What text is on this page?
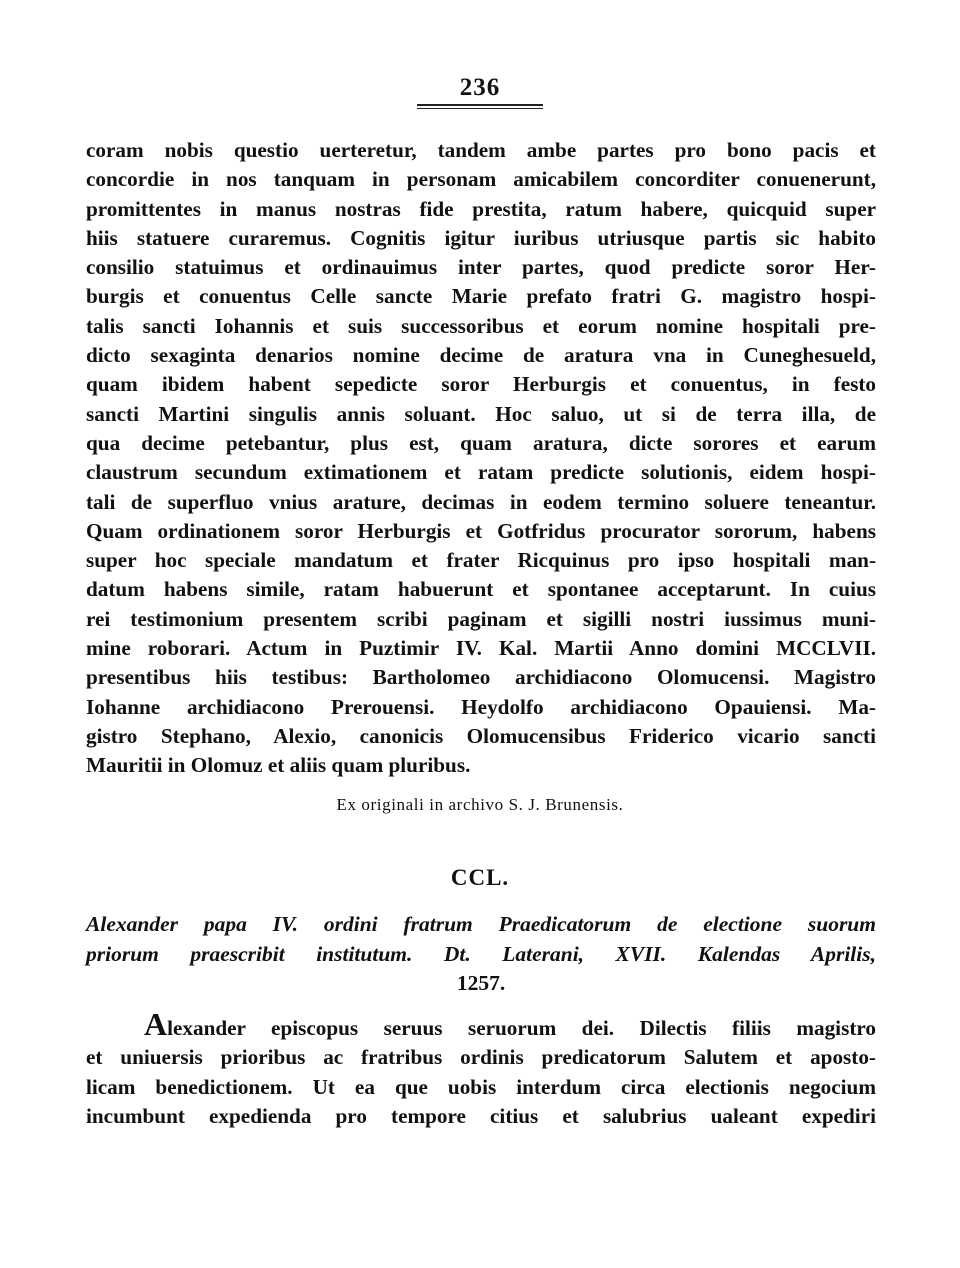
236
coram nobis questio uerteretur, tandem ambe partes pro bono pacis et
concordie in nos tanquam in personam amicabilem concorditer conuenerunt,
promittentes in manus nostras fide prestita, ratum habere, quicquid super
hiis statuere curaremus. Cognitis igitur iuribus utriusque partis sic habito
consilio statuimus et ordinauimus inter partes, quod predicte soror Her-
burgis et conuentus Celle sancte Marie prefato fratri G. magistro hospi-
talis sancti Iohannis et suis successoribus et eorum nomine hospitali pre-
dicto sexaginta denarios nomine decime de aratura vna in Cuneghesueld,
quam ibidem habent sepedicte soror Herburgis et conuentus, in festo
sancti Martini singulis annis soluant. Hoc saluo, ut si de terra illa, de
qua decime petebantur, plus est, quam aratura, dicte sorores et earum
claustrum secundum extimationem et ratam predicte solutionis, eidem hospi-
tali de superfluo vnius arature, decimas in eodem termino soluere teneantur.
Quam ordinationem soror Herburgis et Gotfridus procurator sororum, habens
super hoc speciale mandatum et frater Ricquinus pro ipso hospitali man-
datum habens simile, ratam habuerunt et spontanee acceptarunt. In cuius
rei testimonium presentem scribi paginam et sigilli nostri iussimus muni-
mine roborari. Actum in Puztimir IV. Kal. Martii Anno domini MCCLVII.
presentibus hiis testibus: Bartholomeo archidiacono Olomucensi. Magistro
Iohanne archidiacono Prerouensi. Heydolfo archidiacono Opauiensi. Ma-
gistro Stephano, Alexio, canonicis Olomucensibus Friderico vicario sancti
Mauritii in Olomuz et aliis quam pluribus.
Ex originali in archivo S. J. Brunensis.
CCL.
Alexander papa IV. ordini fratrum Praedicatorum de electione suorum
priorum praescribit institutum. Dt. Laterani, XVII. Kalendas Aprilis,
1257.
Alexander episcopus seruus seruorum dei. Dilectis filiis magistro
et uniuersis prioribus ac fratribus ordinis predicatorum Salutem et aposto-
licam benedictionem. Ut ea que uobis interdum circa electionis negocium
incumbunt expedienda pro tempore citius et salubrius ualeant expediri
